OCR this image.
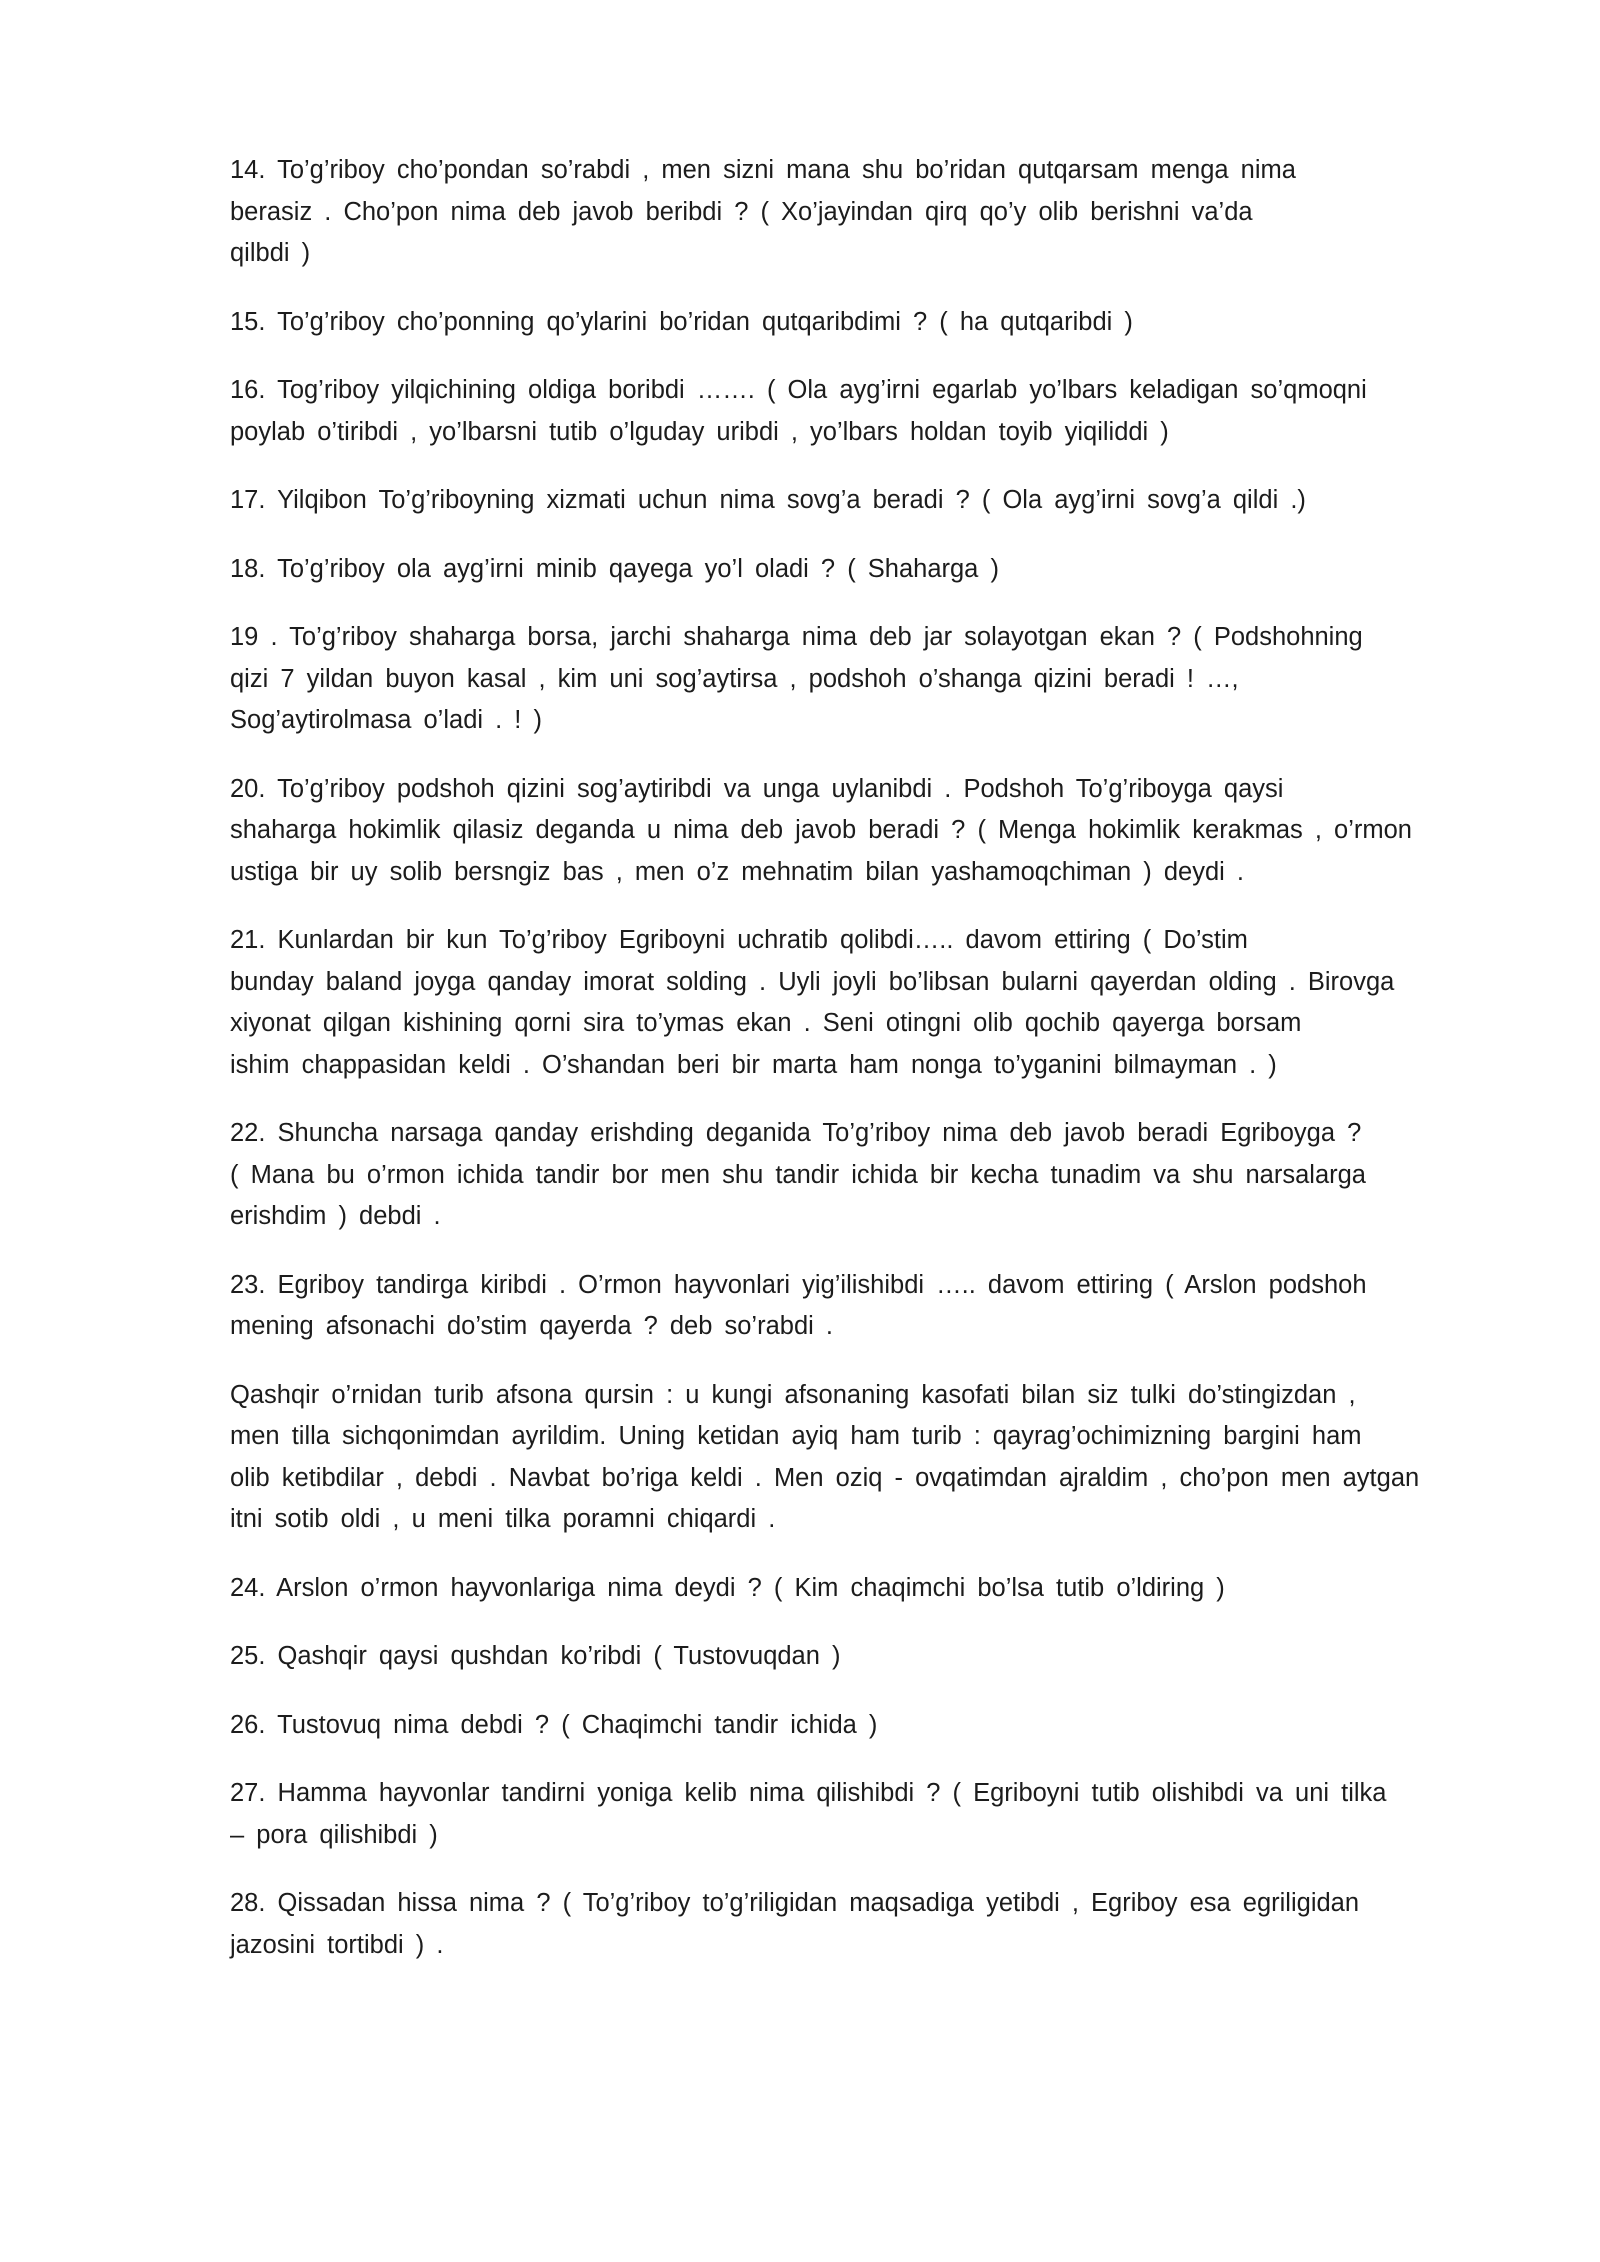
14. To’g’riboy cho’pondan so’rabdi , men sizni mana shu bo’ridan qutqarsam menga nima
berasiz . Cho’pon nima deb javob beribdi ? ( Xo’jayindan qirq qo’y olib berishni va’da
qilbdi )

15. To’g’riboy cho’ponning qo’ylarini bo’ridan qutqaribdimi ? ( ha qutqaribdi )

16. Tog’riboy yilqichining oldiga boribdi ……. ( Ola ayg’irni egarlab yo’lbars keladigan so’qmoqni
poylab o’tiribdi , yo’lbarsni tutib o’lguday uribdi , yo’lbars holdan toyib yiqiliddi )

17. Yilqibon To’g’riboyning xizmati uchun nima sovg’a beradi ? ( Ola ayg’irni sovg’a qildi .)

18. To’g’riboy ola ayg’irni minib qayega yo’l oladi ? ( Shaharga )

19 . To’g’riboy shaharga borsa, jarchi shaharga nima deb jar solayotgan ekan ? ( Podshohning
qizi 7 yildan buyon kasal , kim uni sog’aytirsa , podshoh o’shanga qizini beradi ! …,
Sog’aytirolmasa o’ladi . ! )

20. To’g’riboy podshoh qizini sog’aytiribdi va unga uylanibdi . Podshoh To’g’riboyga qaysi
shaharga hokimlik qilasiz deganda u nima deb javob beradi ? ( Menga hokimlik kerakmas , o’rmon
ustiga bir uy solib bersngiz bas , men o’z mehnatim bilan yashamoqchiman ) deydi .

21. Kunlardan bir kun To’g’riboy Egriboyni uchratib qolibdi….. davom ettiring ( Do’stim
bunday baland joyga qanday imorat solding . Uyli joyli bo’libsan bularni qayerdan olding . Birovga
xiyonat qilgan kishining qorni sira to’ymas ekan . Seni otingni olib qochib qayerga borsam
ishim chappasidan keldi . O’shandan beri bir marta ham nonga to’yganini bilmayman . )

22. Shuncha narsaga qanday erishding deganida To’g’riboy nima deb javob beradi Egriboyga ?
( Mana bu o’rmon ichida tandir bor men shu tandir ichida bir kecha tunadim va shu narsalarga
erishdim ) debdi .

23. Egriboy tandirga kiribdi . O’rmon hayvonlari yig’ilishibdi ….. davom ettiring ( Arslon podshoh
mening afsonachi do’stim qayerda ? deb so’rabdi .

Qashqir o’rnidan turib afsona qursin : u kungi afsonaning kasofati bilan siz tulki do’stingizdan ,
men tilla sichqonimdan ayrildim. Uning ketidan ayiq ham turib : qayrag’ochimizning bargini ham
olib ketibdilar , debdi . Navbat bo’riga keldi . Men oziq - ovqatimdan ajraldim , cho’pon men aytgan
itni sotib oldi , u meni tilka poramni chiqardi .

24. Arslon o’rmon hayvonlariga nima deydi ? ( Kim chaqimchi bo’lsa tutib o’ldiring )

25. Qashqir qaysi qushdan ko’ribdi ( Tustovuqdan )

26. Tustovuq nima debdi ? ( Chaqimchi tandir ichida )

27. Hamma hayvonlar tandirni yoniga kelib nima qilishibdi ? ( Egriboyni tutib olishibdi va uni tilka
– pora qilishibdi )

28. Qissadan hissa nima ? ( To’g’riboy to’g’riligidan maqsadiga yetibdi , Egriboy esa egriligidan
jazosini tortibdi ) .
